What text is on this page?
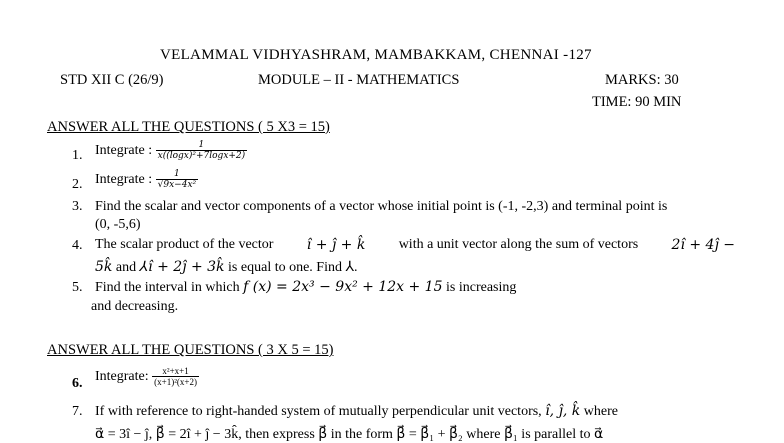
VELAMMAL VIDHYASHRAM, MAMBAKKAM, CHENNAI -127
STD XII C (26/9)	MODULE – II - MATHEMATICS	MARKS: 30
TIME: 90 MIN
ANSWER ALL THE QUESTIONS ( 5 X3 = 15)
1. Integrate : $\frac{1}{\text{x((logx)²+7logx+2)}}$
2. Integrate : $\frac{1}{\text{√9x−4x²}}$
3. Find the scalar and vector components of a vector whose initial point is (-1, -2,3) and terminal point is
(0, -5,6)
4. The scalar product of the vector î + ĵ + k̂ with a unit vector along the sum of vectors 2î + 4ĵ −
5k̂ and ⅄î + 2ĵ + 3k̂ is equal to one. Find ⅄.
5. Find the interval in which f (x) = 2x³ − 9x² + 12x + 15 is increasing
and decreasing.
ANSWER ALL THE QUESTIONS ( 3 X 5 = 15)
6. Integrate: $\frac{\text{x²+x+1}}{\text{(x+1)²(x+2)}}$
7. If with reference to right-handed system of mutually perpendicular unit vectors, î, ĵ, k̂ where
α⃗ = 3î − ĵ, β⃗ = 2î + ĵ − 3k̂, then express β⃗ in the form β⃗ = β⃗₁ + β⃗₂ where β⃗₁ is parallel to α⃗
